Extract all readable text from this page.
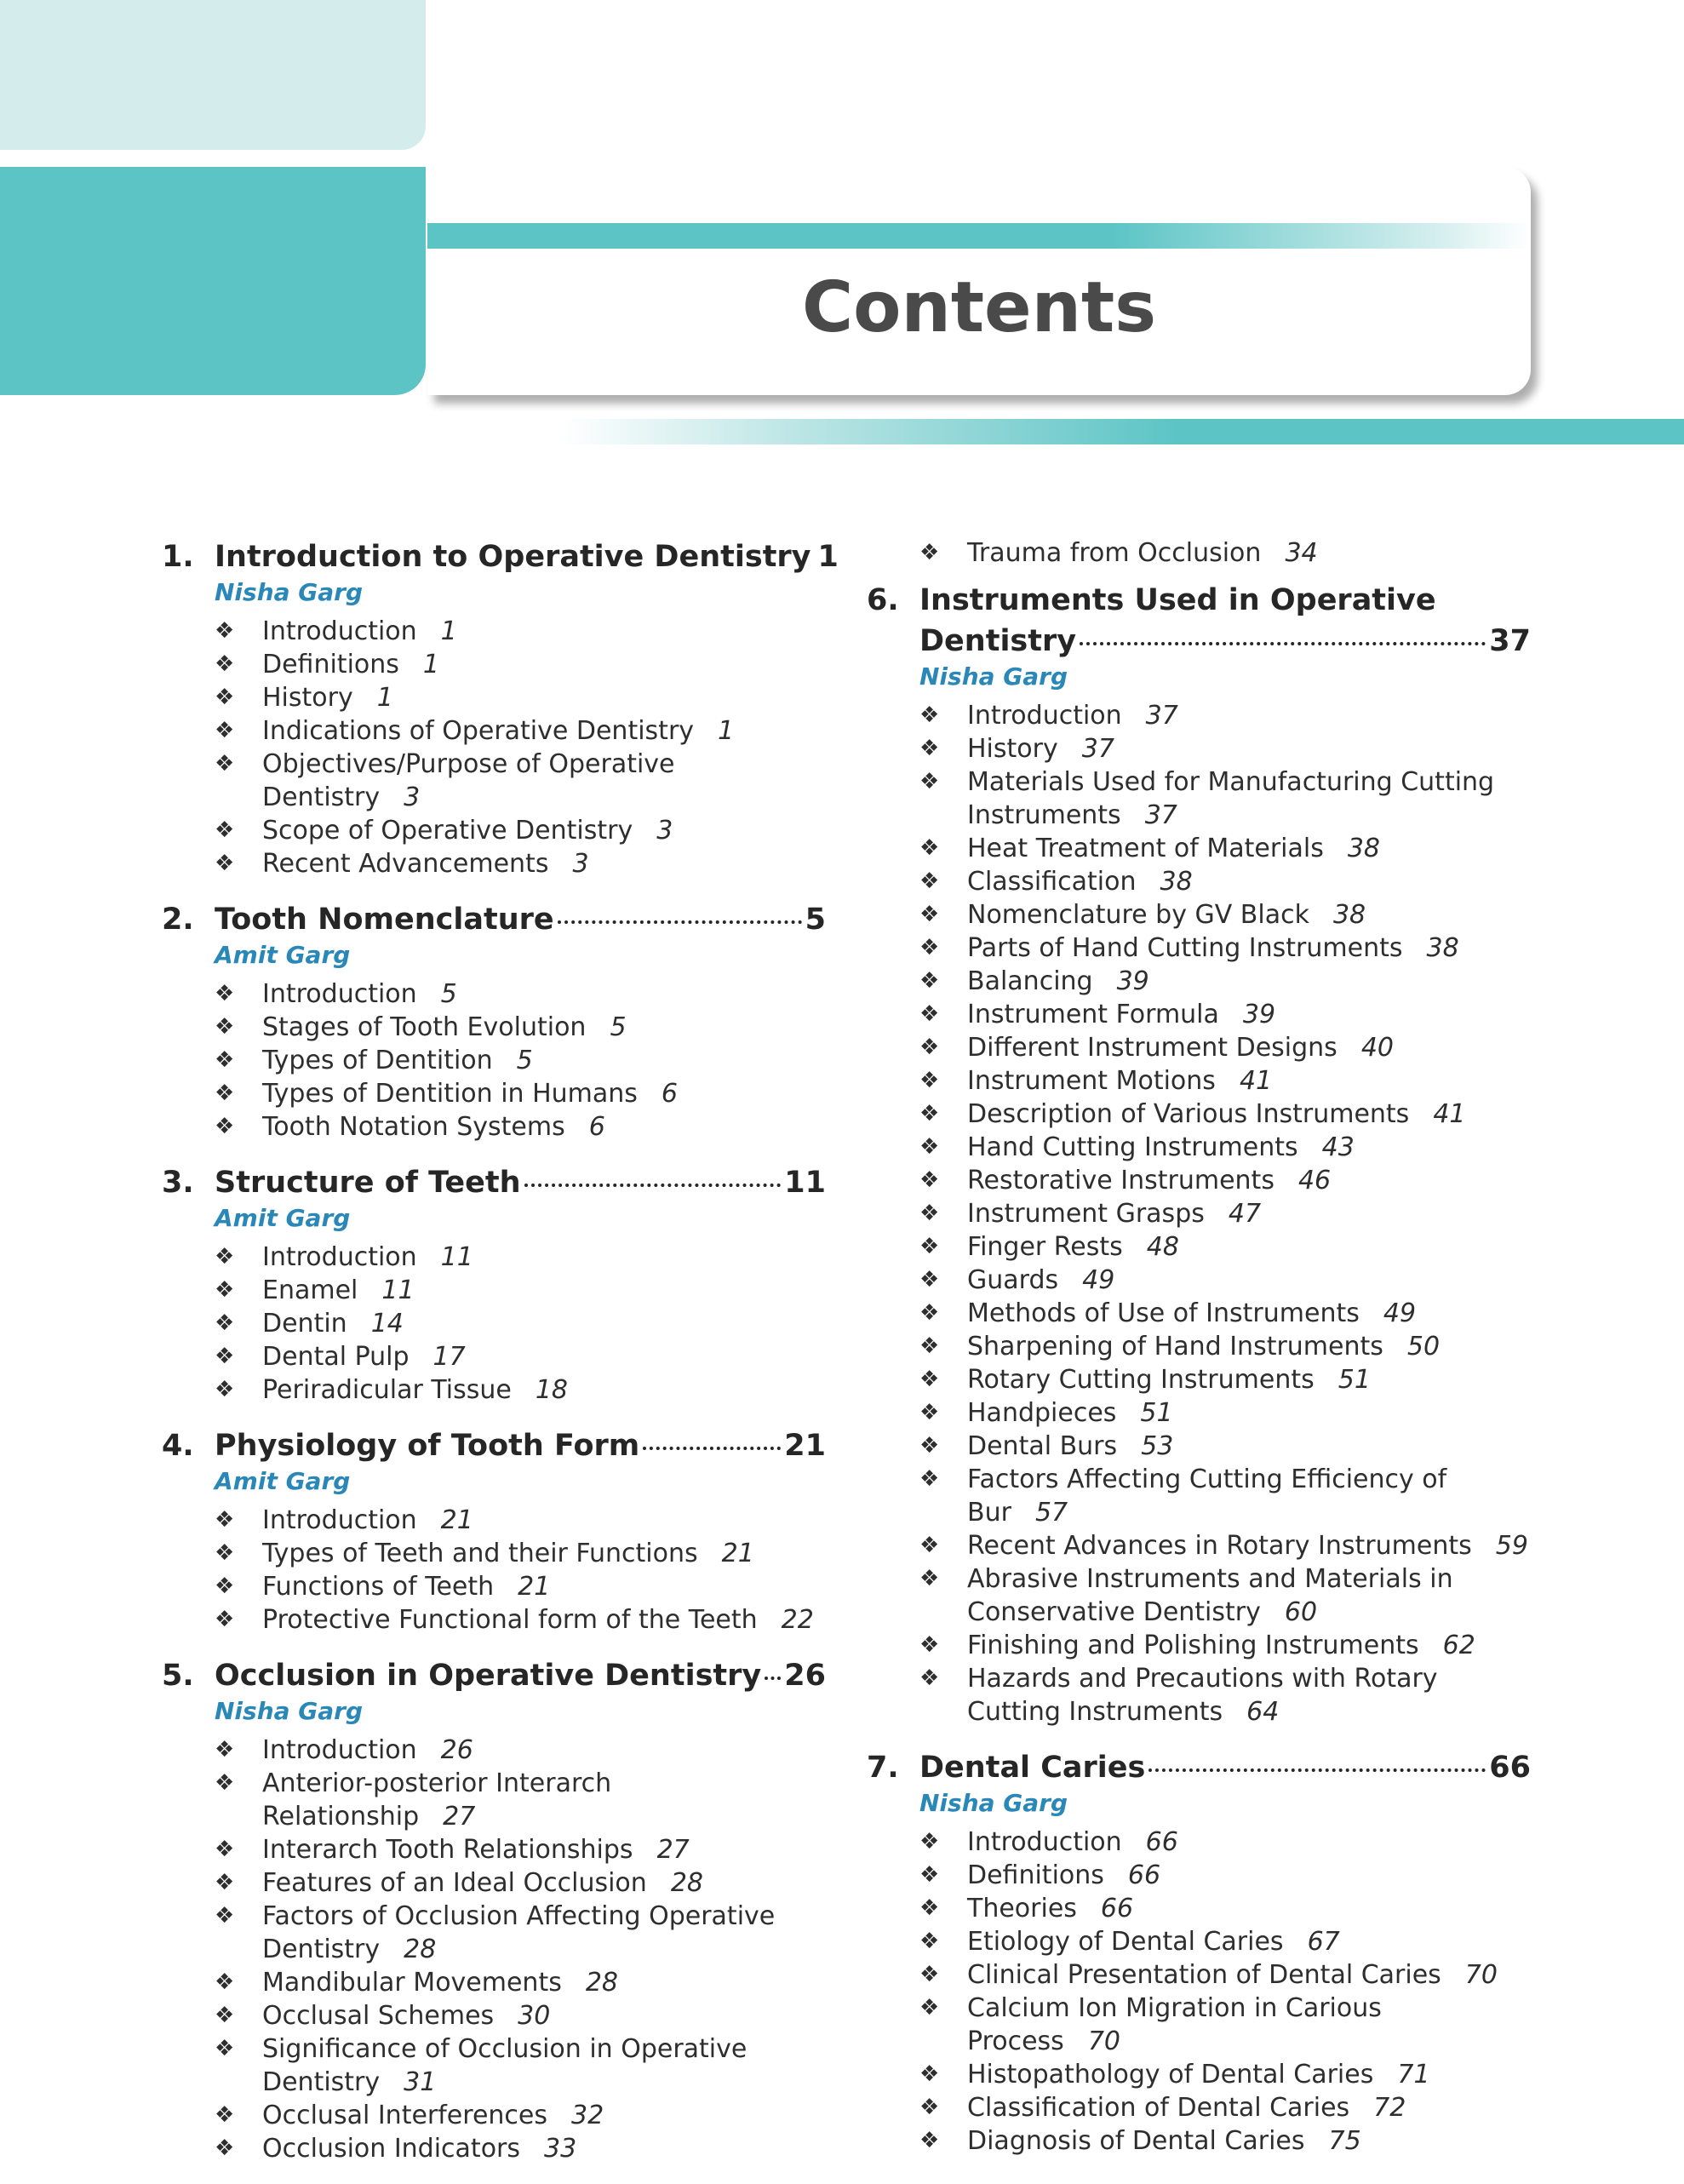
Contents
1. Introduction to Operative Dentistry 1
Nisha Garg
❖	Introduction 1
❖	Definitions 1
❖	History 1
❖	Indications of Operative Dentistry 1
❖	Objectives/Purpose of Operative Dentistry 3
❖	Scope of Operative Dentistry 3
❖	Recent Advancements 3
2. Tooth Nomenclature	5
Amit Garg
❖	Introduction 5
❖	Stages of Tooth Evolution 5
❖	Types of Dentition 5
❖	Types of Dentition in Humans 6
❖	Tooth Notation Systems 6
3. Structure of Teeth	11
Amit Garg
❖	Introduction 11
❖	Enamel 11
❖	Dentin 14
❖	Dental Pulp 17
❖	Periradicular Tissue 18
4. Physiology of Tooth Form	21
Amit Garg
❖	Introduction 21
❖	Types of Teeth and their Functions 21
❖	Functions of Teeth 21
❖	Protective Functional form of the Teeth 22
5. Occlusion in Operative Dentistry 26
Nisha Garg
❖	Introduction 26
❖	Anterior-posterior Interarch Relationship 27
❖	Interarch Tooth Relationships 27
❖	Features of an Ideal Occlusion 28
❖	Factors of Occlusion Affecting Operative Dentistry 28
❖	Mandibular Movements 28
❖	Occlusal Schemes 30
❖	Significance of Occlusion in Operative Dentistry 31
❖	Occlusal Interferences 32
❖	Occlusion Indicators 33
❖	Trauma from Occlusion 34
6. Instruments Used in Operative
Dentistry	37
Nisha Garg
❖	Introduction 37
❖	History 37
❖	Materials Used for Manufacturing Cutting Instruments 37
❖	Heat Treatment of Materials 38
❖	Classification 38
❖	Nomenclature by GV Black 38
❖	Parts of Hand Cutting Instruments 38
❖	Balancing 39
❖	Instrument Formula 39
❖	Different Instrument Designs 40
❖	Instrument Motions 41
❖	Description of Various Instruments 41
❖	Hand Cutting Instruments 43
❖	Restorative Instruments 46
❖	Instrument Grasps 47
❖	Finger Rests 48
❖	Guards 49
❖	Methods of Use of Instruments 49
❖	Sharpening of Hand Instruments 50
❖	Rotary Cutting Instruments 51
❖	Handpieces 51
❖	Dental Burs 53
❖	Factors Affecting Cutting Efficiency of Bur 57
❖	Recent Advances in Rotary Instruments 59
❖	Abrasive Instruments and Materials in Conservative Dentistry 60
❖	Finishing and Polishing Instruments 62
❖	Hazards and Precautions with Rotary Cutting Instruments 64
7. Dental Caries	66
Nisha Garg
❖	Introduction 66
❖	Definitions 66
❖	Theories 66
❖	Etiology of Dental Caries 67
❖	Clinical Presentation of Dental Caries 70
❖	Calcium Ion Migration in Carious Process 70
❖	Histopathology of Dental Caries 71
❖	Classification of Dental Caries 72
❖	Diagnosis of Dental Caries 75
